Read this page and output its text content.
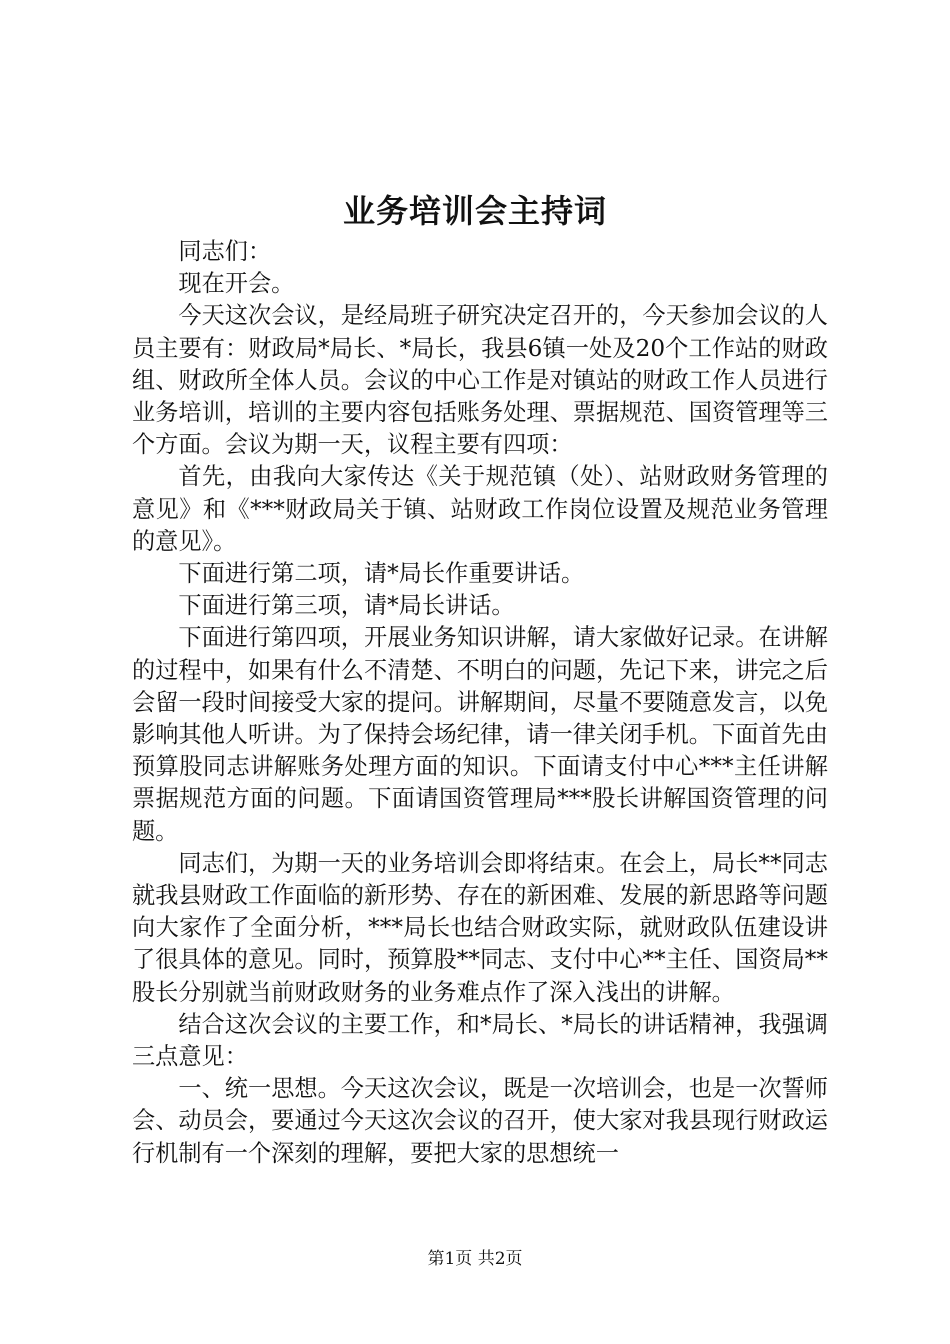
业务培训会主持词

同志们：

现在开会。

今天这次会议，是经局班子研究决定召开的，今天参加会议的人员主要有：财政局*局长、*局长，我县6镇一处及20个工作站的财政组、财政所全体人员。会议的中心工作是对镇站的财政工作人员进行业务培训，培训的主要内容包括账务处理、票据规范、国资管理等三个方面。会议为期一天，议程主要有四项：

首先，由我向大家传达《关于规范镇（处）、站财政财务管理的意见》和《***财政局关于镇、站财政工作岗位设置及规范业务管理的意见》。

下面进行第二项，请*局长作重要讲话。

下面进行第三项，请*局长讲话。

下面进行第四项，开展业务知识讲解，请大家做好记录。在讲解的过程中，如果有什么不清楚、不明白的问题，先记下来，讲完之后会留一段时间接受大家的提问。讲解期间，尽量不要随意发言，以免影响其他人听讲。为了保持会场纪律，请一律关闭手机。下面首先由预算股同志讲解账务处理方面的知识。下面请支付中心***主任讲解票据规范方面的问题。下面请国资管理局***股长讲解国资管理的问题。

同志们，为期一天的业务培训会即将结束。在会上，局长**同志就我县财政工作面临的新形势、存在的新困难、发展的新思路等问题向大家作了全面分析，***局长也结合财政实际，就财政队伍建设讲了很具体的意见。同时，预算股**同志、支付中心**主任、国资局**股长分别就当前财政财务的业务难点作了深入浅出的讲解。

结合这次会议的主要工作，和*局长、*局长的讲话精神，我强调三点意见：

一、统一思想。今天这次会议，既是一次培训会，也是一次誓师会、动员会，要通过今天这次会议的召开，使大家对我县现行财政运行机制有一个深刻的理解，要把大家的思想统一

第1页 共2页
